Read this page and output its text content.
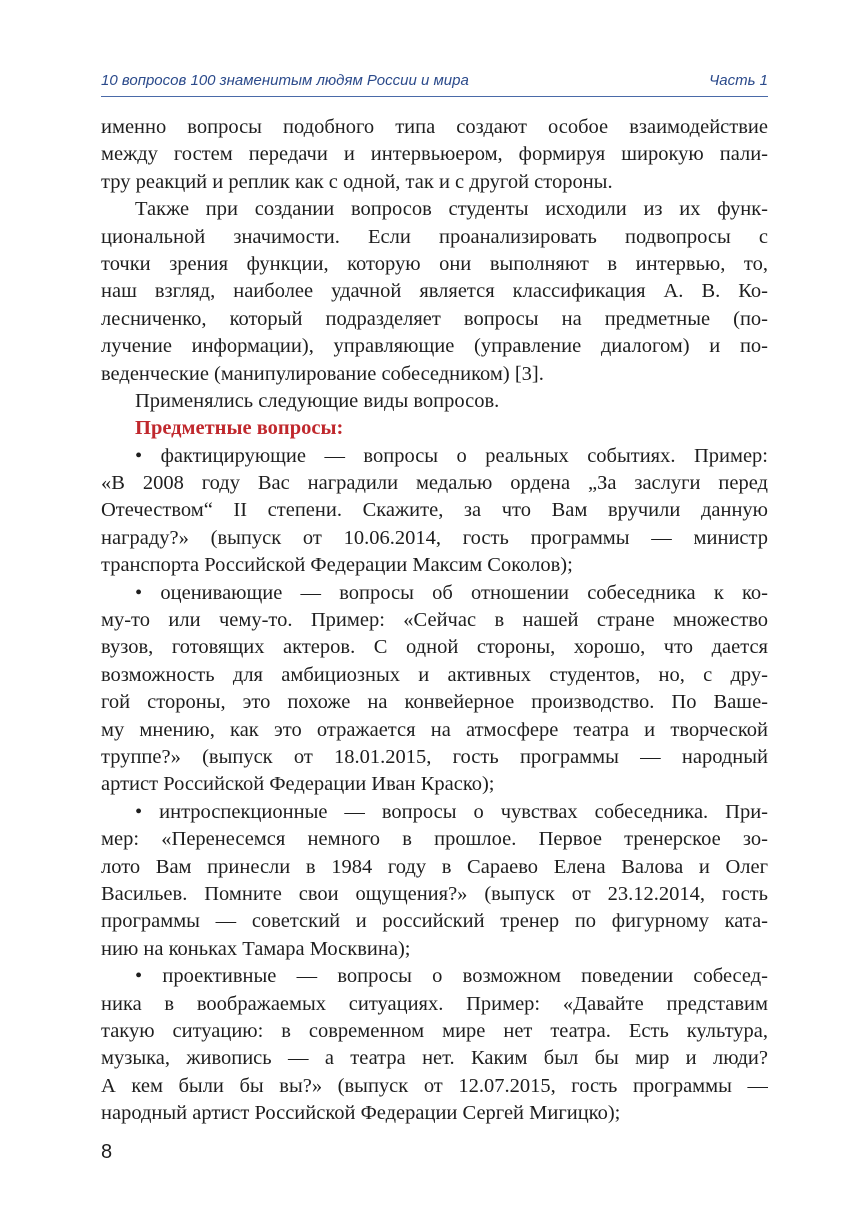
10 вопросов 100 знаменитым людям России и мира	Часть 1
именно вопросы подобного типа создают особое взаимодействие
между гостем передачи и интервьюером, формируя широкую пали-
тру реакций и реплик как с одной, так и с другой стороны.
Также при создании вопросов студенты исходили из их функ-
циональной значимости. Если проанализировать подвопросы с
точки зрения функции, которую они выполняют в интервью, то,
наш взгляд, наиболее удачной является классификация А. В. Ко-
лесниченко, который подразделяет вопросы на предметные (по-
лучение информации), управляющие (управление диалогом) и по-
веденческие (манипулирование собеседником) [3].
Применялись следующие виды вопросов.
Предметные вопросы:
• фактицирующие — вопросы о реальных событиях. Пример:
«В 2008 году Вас наградили медалью ордена „За заслуги перед
Отечеством“ II степени. Скажите, за что Вам вручили данную
награду?» (выпуск от 10.06.2014, гость программы — министр
транспорта Российской Федерации Максим Соколов);
• оценивающие — вопросы об отношении собеседника к ко-
му-то или чему-то. Пример: «Сейчас в нашей стране множество
вузов, готовящих актеров. С одной стороны, хорошо, что дается
возможность для амбициозных и активных студентов, но, с дру-
гой стороны, это похоже на конвейерное производство. По Ваше-
му мнению, как это отражается на атмосфере театра и творческой
труппе?» (выпуск от 18.01.2015, гость программы — народный
артист Российской Федерации Иван Краско);
• интроспекционные — вопросы о чувствах собеседника. При-
мер: «Перенесемся немного в прошлое. Первое тренерское зо-
лото Вам принесли в 1984 году в Сараево Елена Валова и Олег
Васильев. Помните свои ощущения?» (выпуск от 23.12.2014, гость
программы — советский и российский тренер по фигурному ката-
нию на коньках Тамара Москвина);
• проективные — вопросы о возможном поведении собесед-
ника в воображаемых ситуациях. Пример: «Давайте представим
такую ситуацию: в современном мире нет театра. Есть культура,
музыка, живопись — а театра нет. Каким был бы мир и люди?
А кем были бы вы?» (выпуск от 12.07.2015, гость программы —
народный артист Российской Федерации Сергей Мигицко);
8
